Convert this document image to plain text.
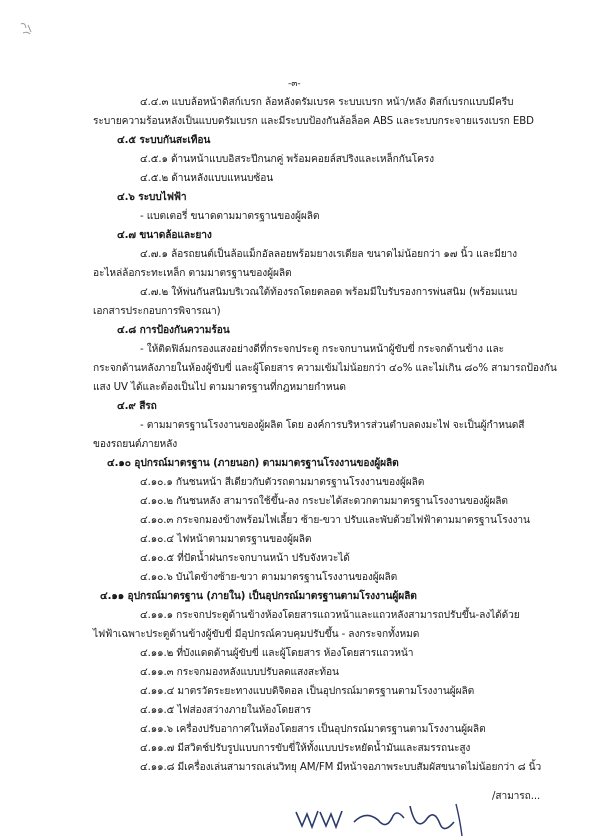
-๓-
๔.๔.๓ แบบล้อหน้าดิสก์เบรก ล้อหลังดรัมเบรค ระบบเบรก หน้า/หลัง ดิสก์เบรกแบบมีครีบ
ระบายความร้อนหลังเป็นแบบดรัมเบรก และมีระบบป้องกันล้อล็อค ABS และระบบกระจายแรงเบรก EBD
๔.๕ ระบบกันสะเทือน
๔.๕.๑ ด้านหน้าแบบอิสระปีกนกคู่ พร้อมคอยล์สปริงและเหล็กกันโครง
๔.๕.๒ ด้านหลังแบบแหนบซ้อน
๔.๖ ระบบไฟฟ้า
- แบตเตอรี่ ขนาดตามมาตรฐานของผู้ผลิต
๔.๗ ขนาดล้อและยาง
๔.๗.๑ ล้อรถยนต์เป็นล้อแม็กอัลลอยพร้อมยางเรเดียล ขนาดไม่น้อยกว่า ๑๗ นิ้ว และมียาง
อะไหล่ล้อกระทะเหล็ก ตามมาตรฐานของผู้ผลิต
๔.๗.๒ ให้พ่นกันสนิมบริเวณใต้ท้องรถโดยตลอด พร้อมมีใบรับรองการพ่นสนิม (พร้อมแนบ
เอกสารประกอบการพิจารณา)
๔.๘ การป้องกันความร้อน
- ให้ติดฟิล์มกรองแสงอย่างดีที่กระจกประตู กระจกบานหน้าผู้ขับขี่ กระจกด้านข้าง และ
กระจกด้านหลังภายในห้องผู้ขับขี่ และผู้โดยสาร ความเข้มไม่น้อยกว่า ๔๐% และไม่เกิน ๘๐% สามารถป้องกัน
แสง UV ได้และต้องเป็นไป ตามมาตรฐานที่กฎหมายกำหนด
๔.๙ สีรถ
- ตามมาตรฐานโรงงานของผู้ผลิต โดย องค์การบริหารส่วนตำบลดงมะไฟ จะเป็นผู้กำหนดสี
ของรถยนต์ภายหลัง
๔.๑๐ อุปกรณ์มาตรฐาน (ภายนอก) ตามมาตรฐานโรงงานของผู้ผลิต
๔.๑๐.๑ กันชนหน้า สีเดียวกับตัวรถตามมาตรฐานโรงงานของผู้ผลิต
๔.๑๐.๒ กันชนหลัง สามารถใช้ขึ้น-ลง กระบะได้สะดวกตามมาตรฐานโรงงานของผู้ผลิต
๔.๑๐.๓ กระจกมองข้างพร้อมไฟเลี้ยว ซ้าย-ขวา ปรับและพับด้วยไฟฟ้าตามมาตรฐานโรงงาน
๔.๑๐.๔ ไฟหน้าตามมาตรฐานของผู้ผลิต
๔.๑๐.๕ ที่ปัดน้ำฝนกระจกบานหน้า ปรับจังหวะได้
๔.๑๐.๖ บันไดข้างซ้าย-ขวา ตามมาตรฐานโรงงานของผู้ผลิต
๔.๑๑ อุปกรณ์มาตรฐาน (ภายใน) เป็นอุปกรณ์มาตรฐานตามโรงงานผู้ผลิต
๔.๑๑.๑ กระจกประตูด้านข้างห้องโดยสารแถวหน้าและแถวหลังสามารถปรับขึ้น-ลงได้ด้วย
ไฟฟ้าเฉพาะประตูด้านข้างผู้ขับขี่ มีอุปกรณ์ควบคุมปรับขึ้น - ลงกระจกทั้งหมด
๔.๑๑.๒ ที่บังแดดด้านผู้ขับขี่ และผู้โดยสาร ห้องโดยสารแถวหน้า
๔.๑๑.๓ กระจกมองหลังแบบปรับลดแสงสะท้อน
๔.๑๑.๔ มาตรวัดระยะทางแบบดิจิตอล เป็นอุปกรณ์มาตรฐานตามโรงงานผู้ผลิต
๔.๑๑.๕ ไฟส่องสว่างภายในห้องโดยสาร
๔.๑๑.๖ เครื่องปรับอากาศในห้องโดยสาร เป็นอุปกรณ์มาตรฐานตามโรงงานผู้ผลิต
๔.๑๑.๗ มีสวิตช์ปรับรูปแบบการขับขี่ให้ทั้งแบบประหยัดน้ำมันและสมรรถนะสูง
๔.๑๑.๘ มีเครื่องเล่นสามารถเล่นวิทยุ AM/FM มีหน้าจอภาพระบบสัมผัสขนาดไม่น้อยกว่า ๘ นิ้ว
/สามารถ...
